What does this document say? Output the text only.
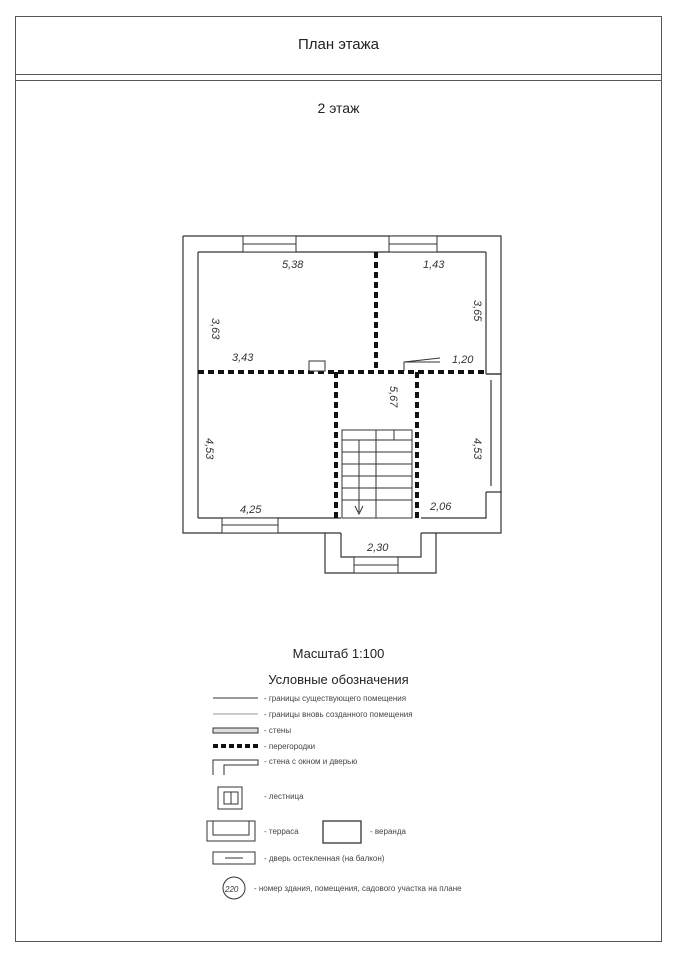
План этажа
2 этаж
5,38
3,63
1,43
3,65
3,43	1,20
4,53
4,25
4,53
2,06
5,67
2,30
220
Масштаб 1:100
Условные обозначения
- границы существующего помещения
- границы вновь созданного помещения
- стены
- перегородки
- стена с окном и дверью
- лестница
- терраса	- веранда
- дверь остекленная (на балкон)
- номер здания, помещения, садового участка на плане
